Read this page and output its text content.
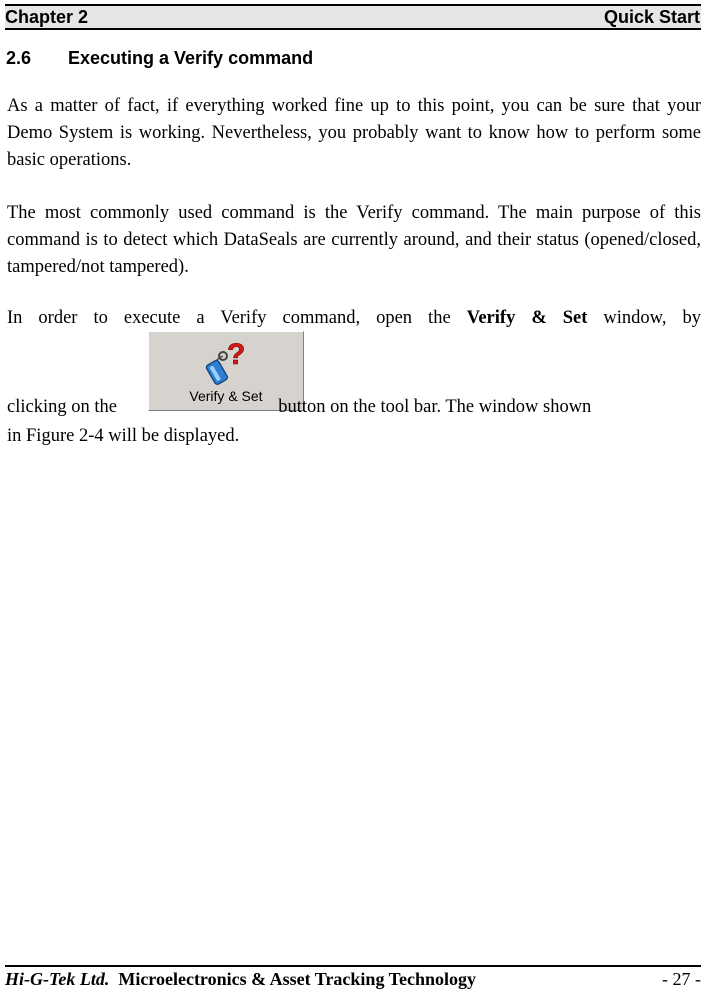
Chapter 2	Quick Start
2.6 Executing a Verify command

As a matter of fact, if everything worked fine up to this point, you can be sure that your Demo System is working. Nevertheless, you probably want to know how to perform some basic operations.

The most commonly used command is the Verify command. The main purpose of this command is to detect which DataSeals are currently around, and their status (opened/closed, tampered/not tampered).

In order to execute a Verify command, open the Verify & Set window, by
?
Verify & Set
clicking on the	button on the tool bar. The window shown
in Figure 2-4 will be displayed.
Hi-G-Tek Ltd. Microelectronics & Asset Tracking Technology	- 27 -
